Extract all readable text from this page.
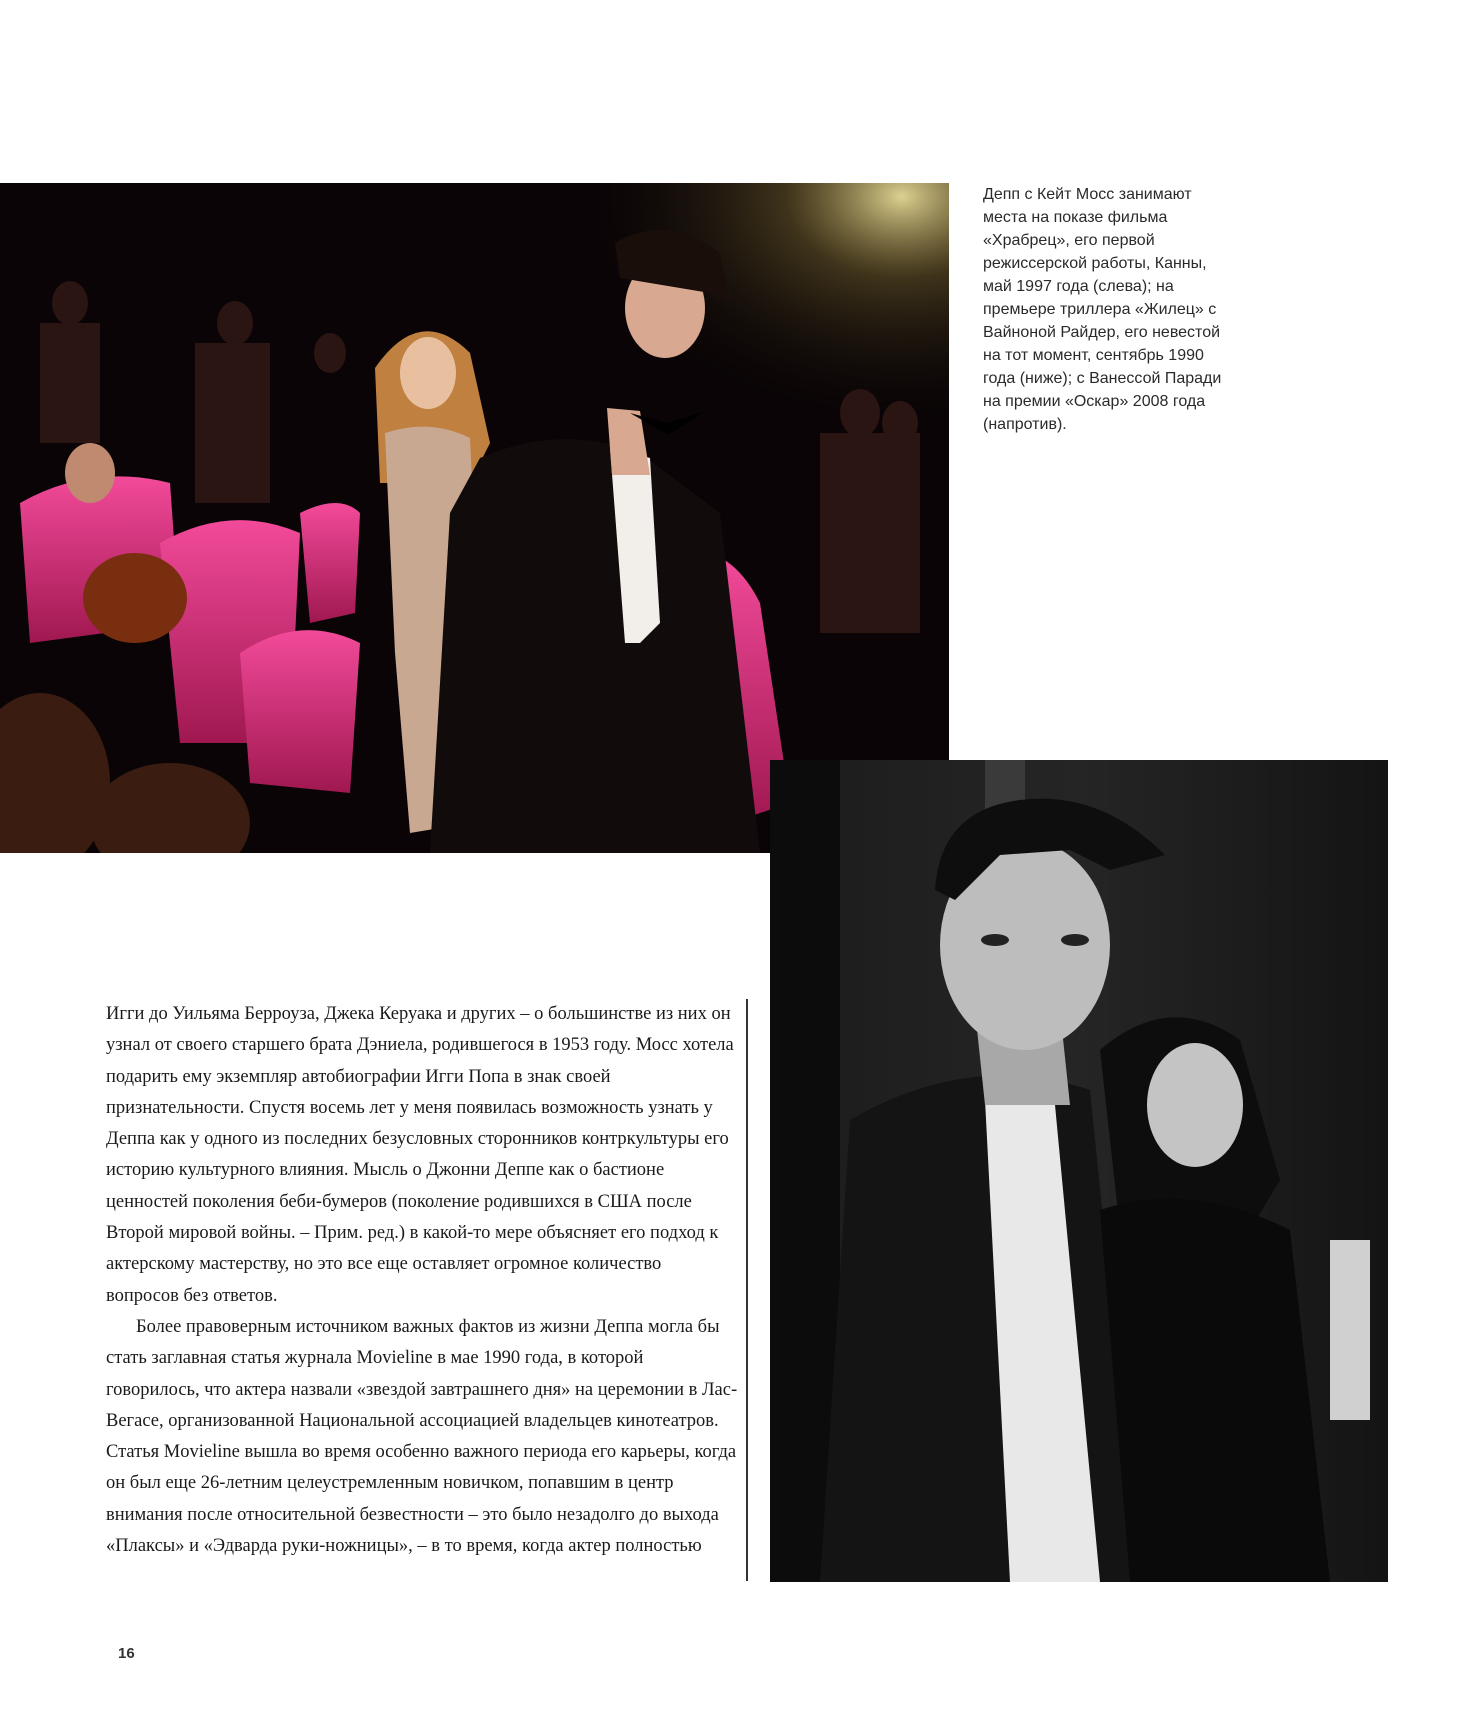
Депп с Кейт Мосс занимают места на показе фильма «Храбрец», его первой режиссерской работы, Канны, май 1997 года (слева); на премьере триллера «Жилец» с Вайноной Райдер, его невестой на тот момент, сентябрь 1990 года (ниже); с Ванессой Паради на премии «Оскар» 2008 года (напротив).

Игги до Уильяма Берроуза, Джека Керуака и других – о большинстве из них он узнал от своего старшего брата Дэниела, родившегося в 1953 году. Мосс хотела подарить ему экземпляр автобиографии Игги Попа в знак своей признательности. Спустя восемь лет у меня появилась возможность узнать у Деппа как у одного из последних безусловных сторонников контркультуры его историю культурного влияния. Мысль о Джонни Деппе как о бастионе ценностей поколения беби-бумеров (поколение родившихся в США после Второй мировой войны. – Прим. ред.) в какой-то мере объясняет его подход к актерскому мастерству, но это все еще оставляет огромное количество вопросов без ответов.

Более правоверным источником важных фактов из жизни Деппа могла бы стать заглавная статья журнала Movieline в мае 1990 года, в которой говорилось, что актера назвали «звездой завтрашнего дня» на церемонии в Лас-Вегасе, организованной Национальной ассоциацией владельцев кинотеатров. Статья Movieline вышла во время особенно важного периода его карьеры, когда он был еще 26-летним целеустремленным новичком, попавшим в центр внимания после относительной безвестности – это было незадолго до выхода «Плаксы» и «Эдварда руки-ножницы», – в то время, когда актер полностью

16
